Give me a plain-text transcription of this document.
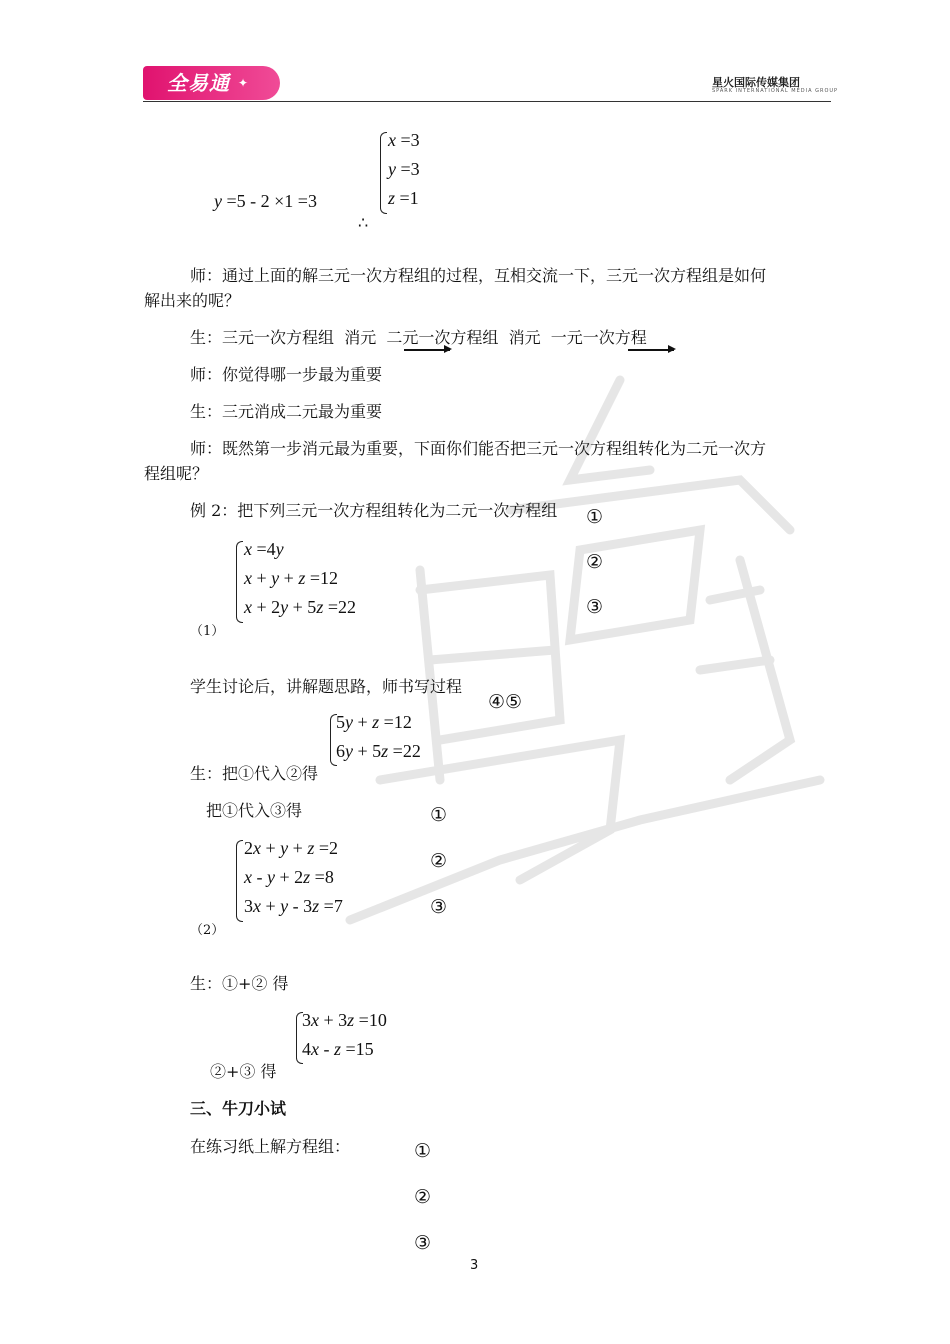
全易通 ✦	星火国际传媒集团
SPARK INTERNATIONAL MEDIA GROUP
y =5 - 2 ×1 =3
∴
x =3
y =3
z =1
师：通过上面的解三元一次方程组的过程，互相交流一下，三元一次方程组是如何
解出来的呢？
生：三元一次方程组 消元 二元一次方程组 消元 一元一次方程
师：你觉得哪一步最为重要
生：三元消成二元最为重要
师：既然第一步消元最为重要，下面你们能否把三元一次方程组转化为二元一次方
程组呢？
例 2：把下列三元一次方程组转化为二元一次方程组 ①
②
③
x =4y
x + y + z =12
x + 2y + 5z =22
（1）
学生讨论后，讲解题思路，师书写过程
④⑤
5y + z =12
6y + 5z =22
生：把①代入②得
把①代入③得	①
②
③
2x + y + z =2
x - y + 2z =8
3x + y - 3z =7
（2）
生：①+② 得
3x + 3z =10
4x - z =15
②+③ 得
三、牛刀小试
在练习纸上解方程组：	①
②
③
3
